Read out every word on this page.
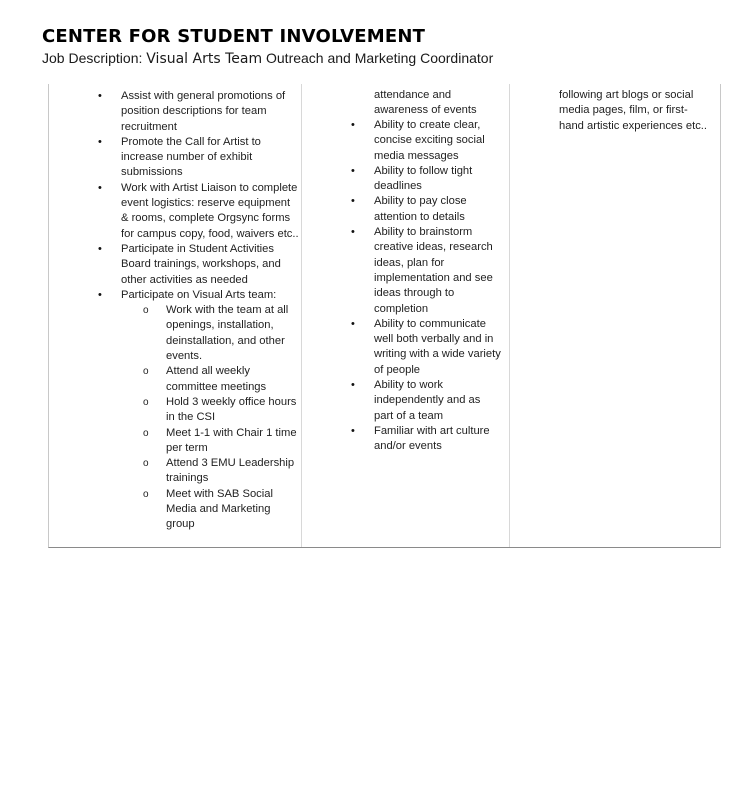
CENTER FOR STUDENT INVOLVEMENT
Job Description: Visual Arts Team Outreach and Marketing Coordinator
• Assist with general promotions of position descriptions for team recruitment
• Promote the Call for Artist to increase number of exhibit submissions
• Work with Artist Liaison to complete event logistics: reserve equipment & rooms, complete Orgsync forms for campus copy, food, waivers etc..
• Participate in Student Activities Board trainings, workshops, and other activities as needed
• Participate on Visual Arts team:
o Work with the team at all openings, installation, deinstallation, and other events.
o Attend all weekly committee meetings
o Hold 3 weekly office hours in the CSI
o Meet 1-1 with Chair 1 time per term
o Attend 3 EMU Leadership trainings
o Meet with SAB Social Media and Marketing group
attendance and
awareness of events
• Ability to create clear, concise exciting social media messages
• Ability to follow tight deadlines
• Ability to pay close attention to details
• Ability to brainstorm creative ideas, research ideas, plan for implementation and see ideas through to completion
• Ability to communicate well both verbally and in writing with a wide variety of people
• Ability to work independently and as part of a team
• Familiar with art culture and/or events
following art blogs or social
media pages, film, or first-
hand artistic experiences etc..
